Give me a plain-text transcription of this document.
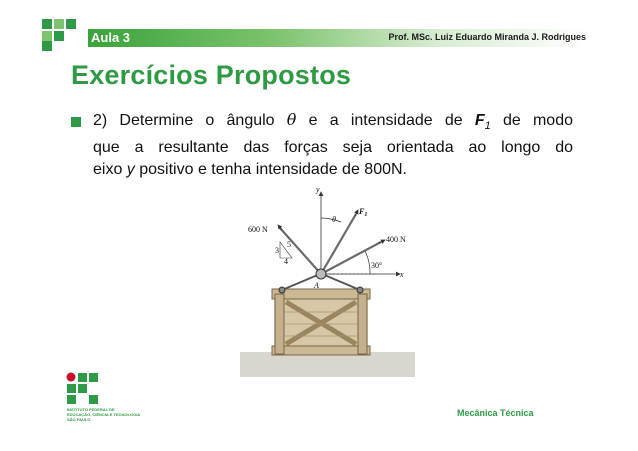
Aula 3	Prof. MSc. Luiz Eduardo Miranda J. Rodrigues
Exercícios Propostos
2) Determine o ângulo θ e a intensidade de $F_1$ de modo
que a resultante das forças seja orientada ao longo do
eixo y positivo e tenha intensidade de 800N.
600 N
400 N
$F_1$
θ
30°
x
y
A
5
3
4
INSTITUTO FEDERAL DE
EDUCAÇÃO, CIÊNCIA E TECNOLOGIA
SÃO PAULO
Mecânica Técnica
